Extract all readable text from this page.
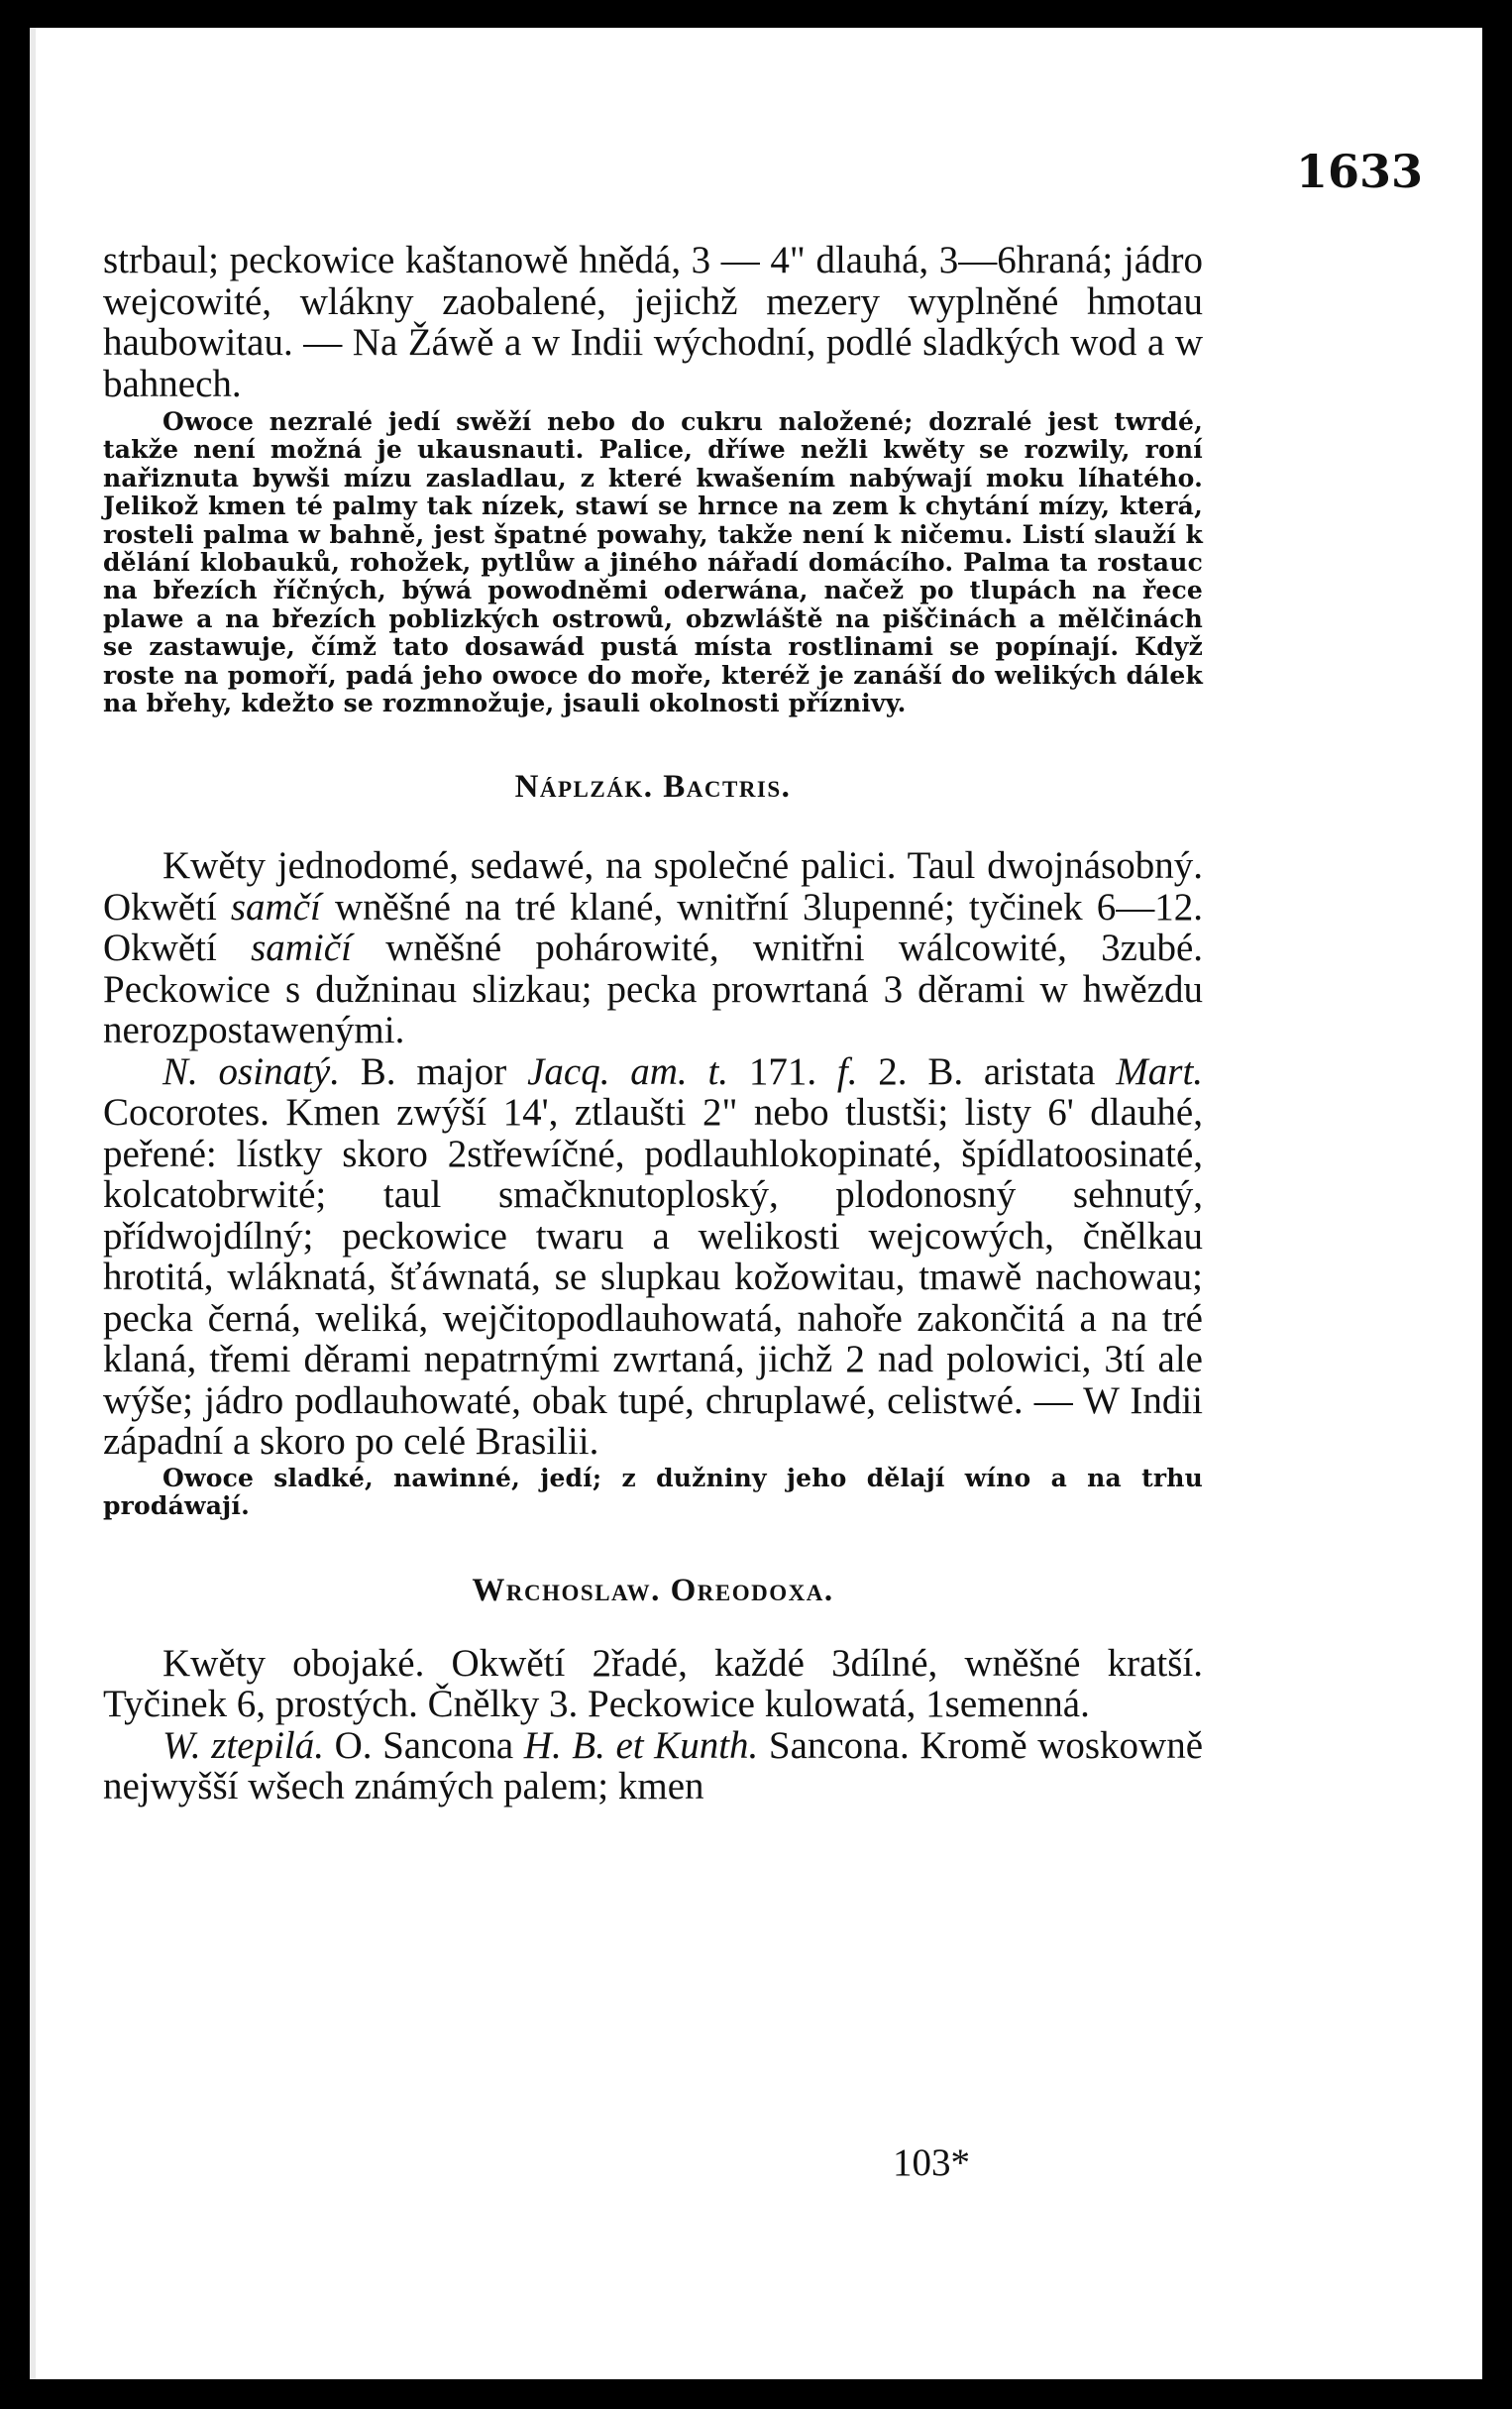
1633

strbaul; peckowice kaštanowě hnědá, 3 — 4" dlauhá, 3—6hraná; jádro wejcowité, wlákny zaobalené, jejichž mezery wyplněné hmotau haubowitau. — Na Žáwě a w Indii wýchodní, podlé sladkých wod a w bahnech.

Owoce nezralé jedí swěží nebo do cukru naložené; dozralé jest twrdé, takže není možná je ukausnauti. Palice, dříwe nežli kwěty se rozwily, roní nařiznuta bywši mízu zasladlau, z které kwašením nabýwají moku líhatého. Jelikož kmen té palmy tak nízek, stawí se hrnce na zem k chytání mízy, která, rosteli palma w bahně, jest špatné powahy, takže není k ničemu. Listí slauží k dělání klobauků, rohožek, pytlůw a jiného nářadí domácího. Palma ta rostauc na březích říčných, býwá powodněmi oderwána, načež po tlupách na řece plawe a na březích poblizkých ostrowů, obzwláště na piščinách a mělčinách se zastawuje, čímž tato dosawád pustá místa rostlinami se popínají. Když roste na pomoří, padá jeho owoce do moře, kteréž je zanáší do welikých dálek na břehy, kdežto se rozmnožuje, jsauli okolnosti příznivy.

Náplzák. Bactris.

Kwěty jednodomé, sedawé, na společné palici. Taul dwojnásobný. Okwětí samčí wněšné na tré klané, wnitřní 3lupenné; tyčinek 6—12. Okwětí samičí wněšné pohárowité, wnitřni wálcowité, 3zubé. Peckowice s dužninau slizkau; pecka prowrtaná 3 děrami w hwězdu nerozpostawenými.

N. osinatý. B. major Jacq. am. t. 171. f. 2. B. aristata Mart. Cocorotes. Kmen zwýší 14', ztlaušti 2" nebo tlustši; listy 6' dlauhé, peřené: lístky skoro 2střewíčné, podlauhlokopinaté, špídlatoosinaté, kolcatobrwité; taul smačknutoploský, plodonosný sehnutý, přídwojdílný; peckowice twaru a welikosti wejcowých, čnělkau hrotitá, wláknatá, šťáwnatá, se slupkau kožowitau, tmawě nachowau; pecka černá, weliká, wejčitopodlauhowatá, nahoře zakončitá a na tré klaná, třemi děrami nepatrnými zwrtaná, jichž 2 nad polowici, 3tí ale wýše; jádro podlauhowaté, obak tupé, chruplawé, celistwé. — W Indii západní a skoro po celé Brasilii.

Owoce sladké, nawinné, jedí; z dužniny jeho dělají wíno a na trhu prodáwají.

Wrchoslaw. Oreodoxa.

Kwěty obojaké. Okwětí 2řadé, každé 3dílné, wněšné kratší. Tyčinek 6, prostých. Čnělky 3. Peckowice kulowatá, 1semenná.

W. ztepilá. O. Sancona H. B. et Kunth. Sancona. Kromě woskowně nejwyšší wšech známých palem; kmen

103*
